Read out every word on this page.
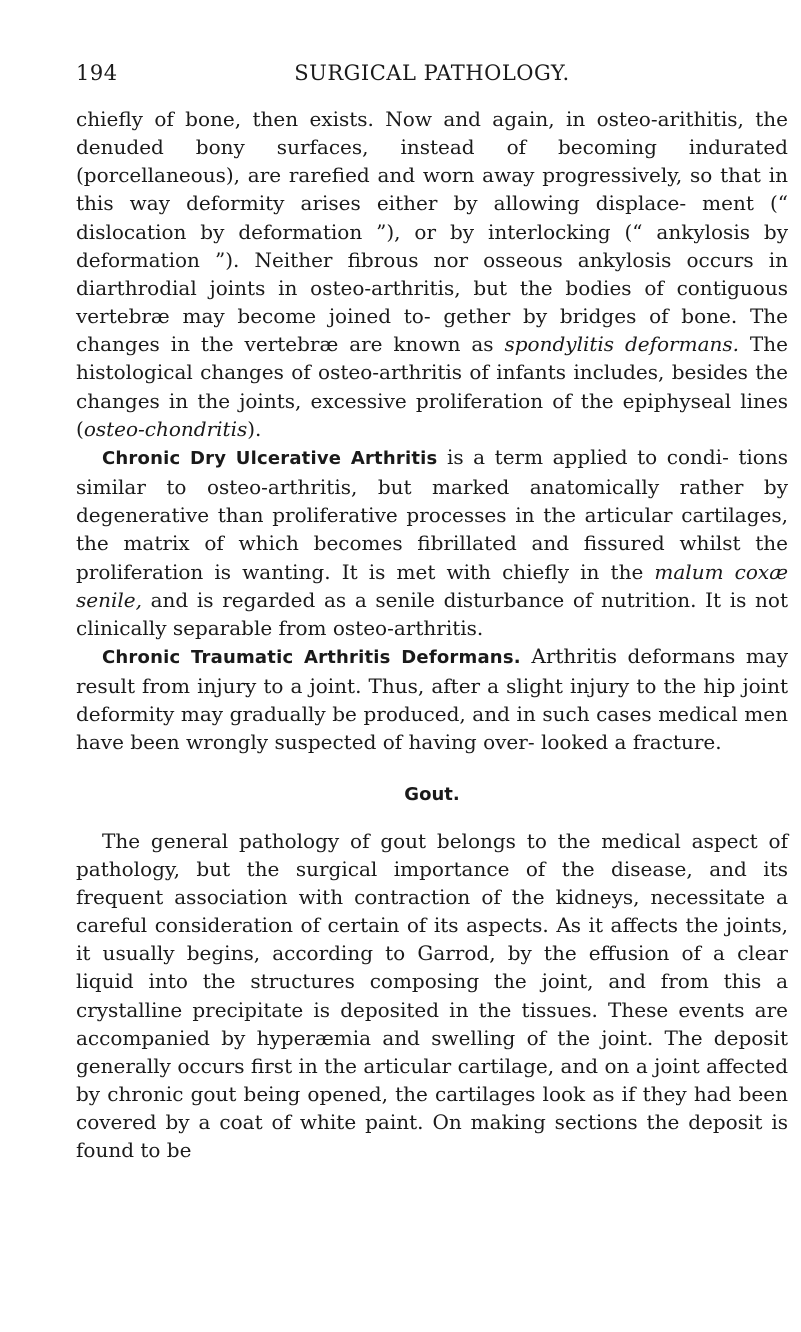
194	SURGICAL PATHOLOGY.

chiefly of bone, then exists. Now and again, in osteo-arithitis, the denuded bony surfaces, instead of becoming indurated (porcellaneous), are rarefied and worn away progressively, so that in this way deformity arises either by allowing displace- ment (“ dislocation by deformation ”), or by interlocking (“ ankylosis by deformation ”). Neither fibrous nor osseous ankylosis occurs in diarthrodial joints in osteo-arthritis, but the bodies of contiguous vertebræ may become joined to- gether by bridges of bone. The changes in the vertebræ are known as spondylitis deformans. The histological changes of osteo-arthritis of infants includes, besides the changes in the joints, excessive proliferation of the epiphyseal lines (osteo-chondritis).

Chronic Dry Ulcerative Arthritis is a term applied to condi- tions similar to osteo-arthritis, but marked anatomically rather by degenerative than proliferative processes in the articular cartilages, the matrix of which becomes fibrillated and fissured whilst the proliferation is wanting. It is met with chiefly in the malum coxæ senile, and is regarded as a senile disturbance of nutrition. It is not clinically separable from osteo-arthritis.

Chronic Traumatic Arthritis Deformans. Arthritis deformans may result from injury to a joint. Thus, after a slight injury to the hip joint deformity may gradually be produced, and in such cases medical men have been wrongly suspected of having over- looked a fracture.

Gout.

The general pathology of gout belongs to the medical aspect of pathology, but the surgical importance of the disease, and its frequent association with contraction of the kidneys, necessitate a careful consideration of certain of its aspects. As it affects the joints, it usually begins, according to Garrod, by the effusion of a clear liquid into the structures composing the joint, and from this a crystalline precipitate is deposited in the tissues. These events are accompanied by hyperæmia and swelling of the joint. The deposit generally occurs first in the articular cartilage, and on a joint affected by chronic gout being opened, the cartilages look as if they had been covered by a coat of white paint. On making sections the deposit is found to be
